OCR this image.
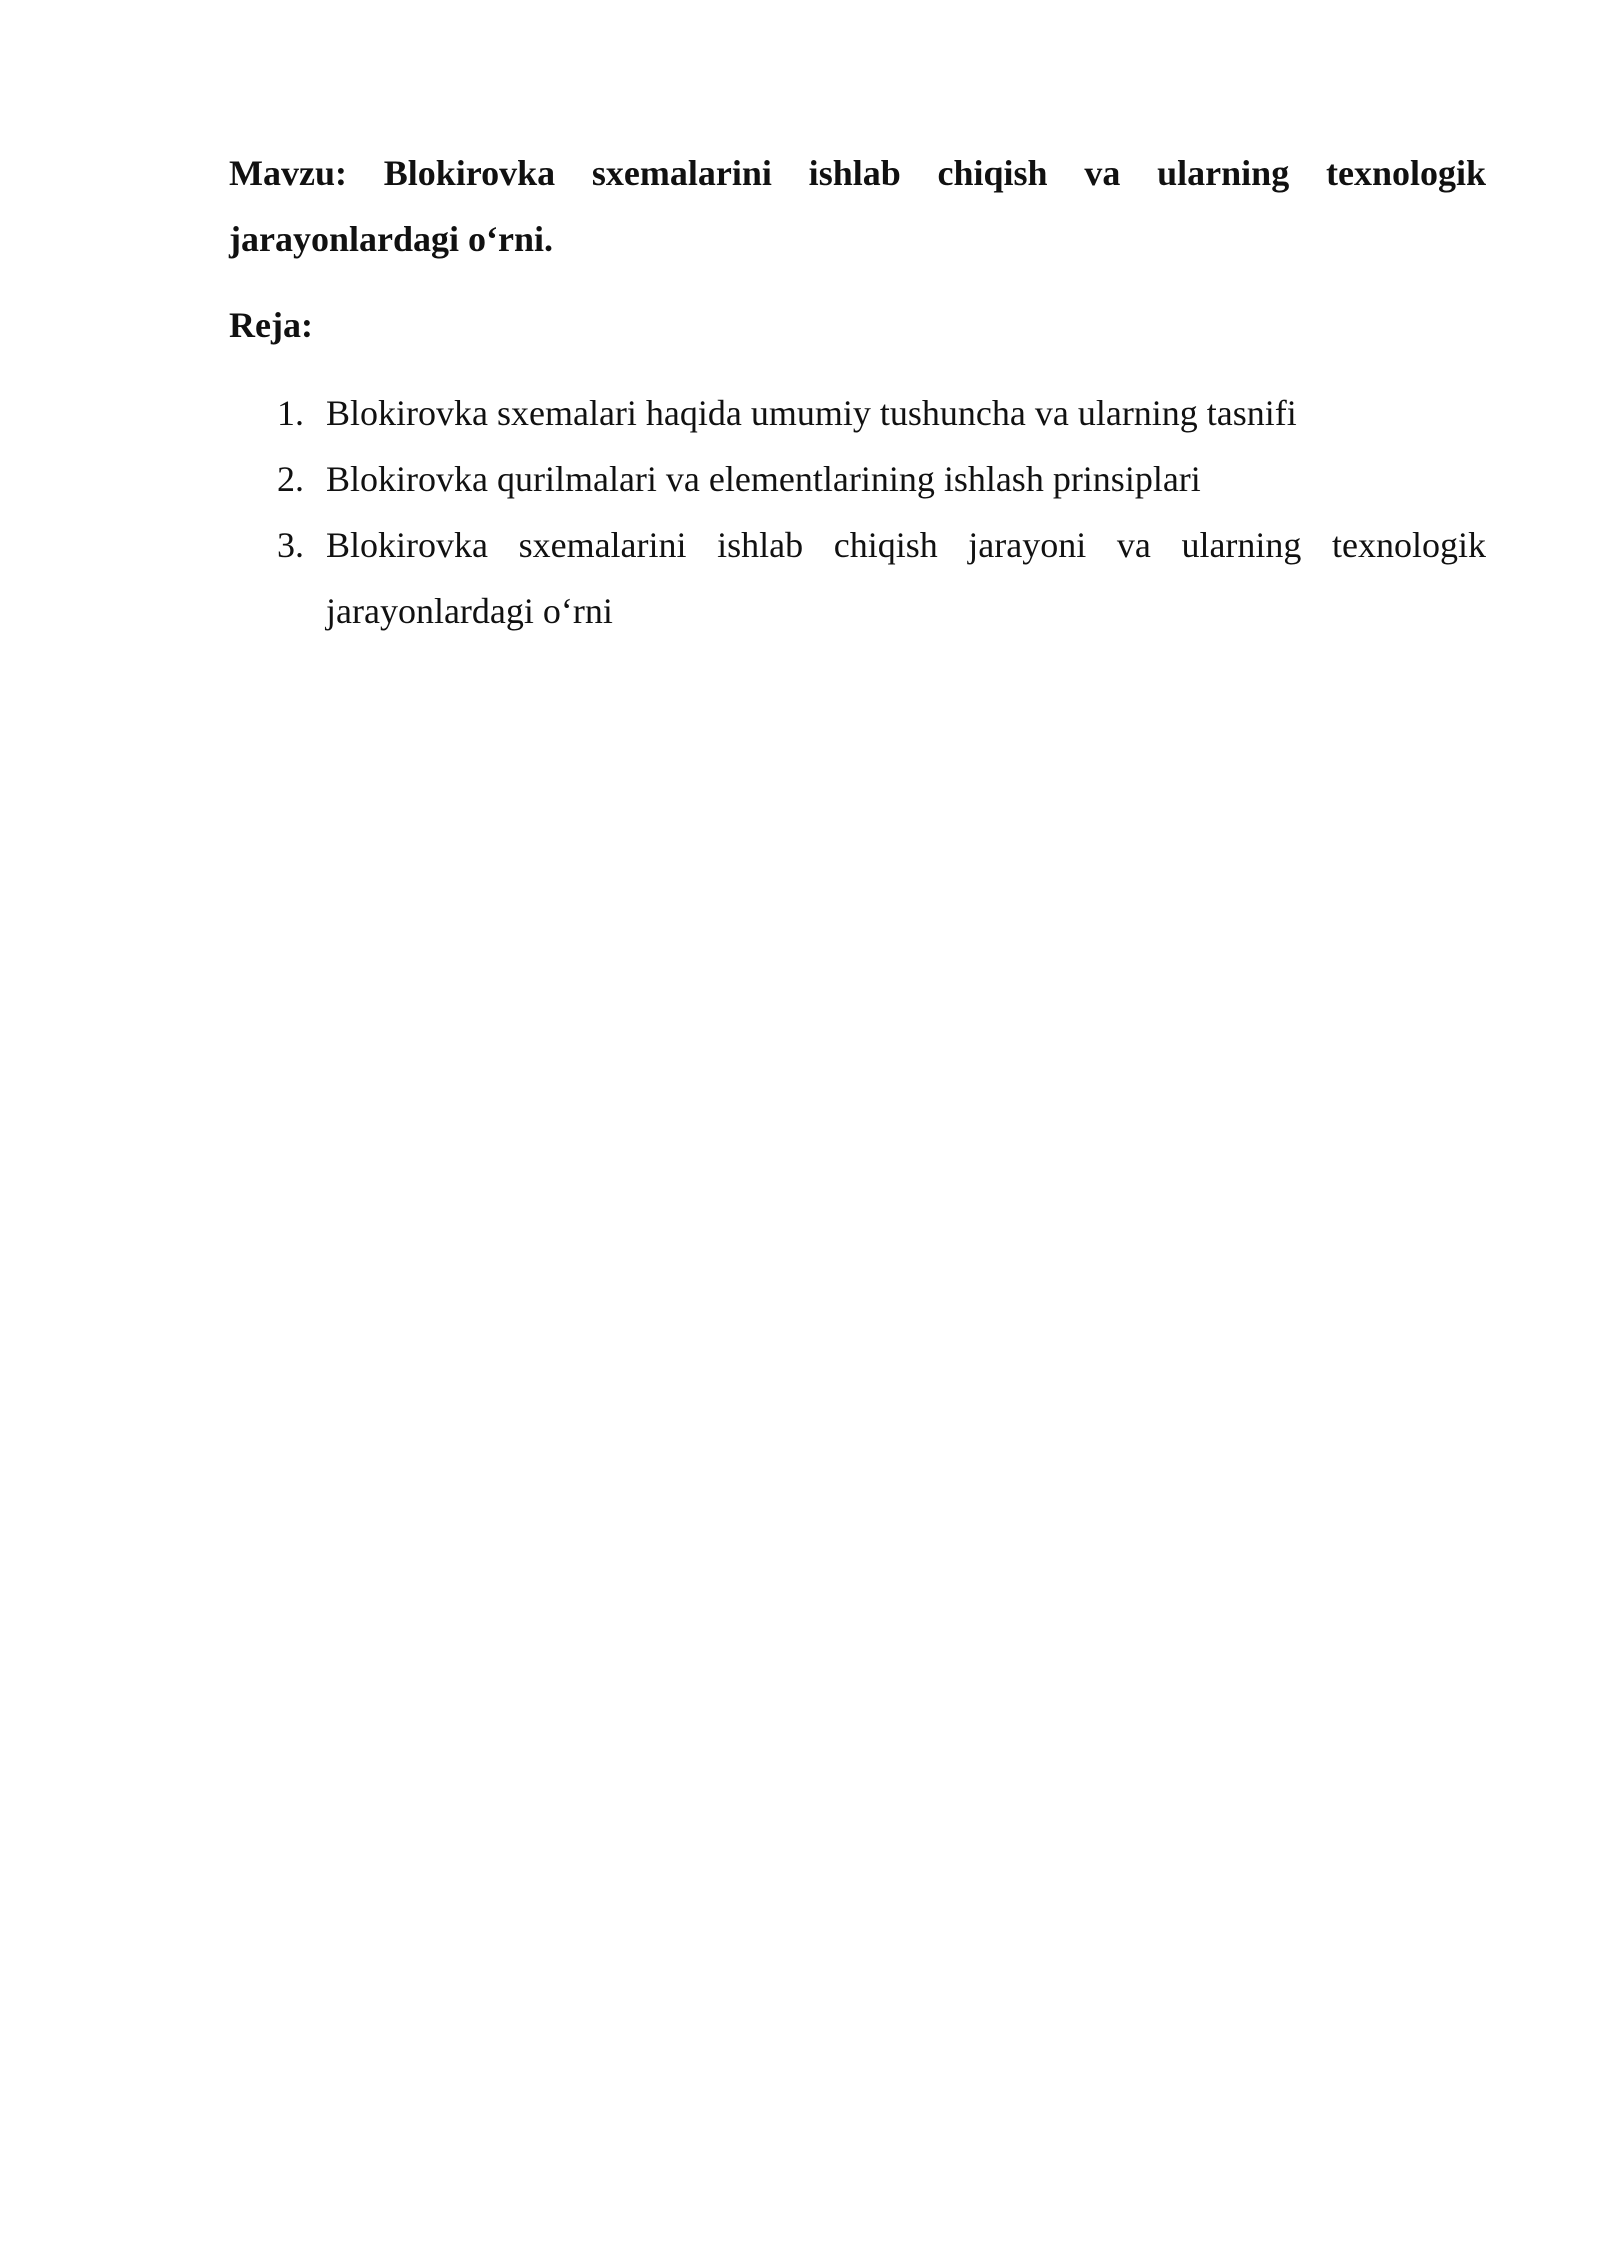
Mavzu: Blokirovka sxemalarini ishlab chiqish va ularning texnologik jarayonlardagi o‘rni.

Reja:

1. Blokirovka sxemalari haqida umumiy tushuncha va ularning tasnifi
2. Blokirovka qurilmalari va elementlarining ishlash prinsiplari
3. Blokirovka sxemalarini ishlab chiqish jarayoni va ularning texnologik jarayonlardagi o‘rni
